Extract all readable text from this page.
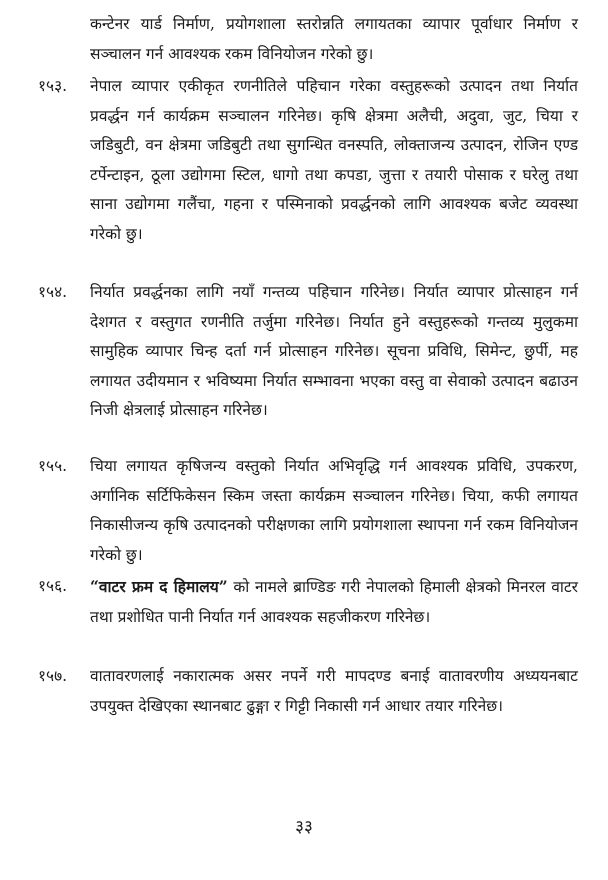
कन्टेनर यार्ड निर्माण, प्रयोगशाला स्तरोन्नति लगायतका व्यापार पूर्वाधार निर्माण र सञ्चालन गर्न आवश्यक रकम विनियोजन गरेको छु।
१५३.	नेपाल व्यापार एकीकृत रणनीतिले पहिचान गरेका वस्तुहरूको उत्पादन तथा निर्यात प्रवर्द्धन गर्न कार्यक्रम सञ्चालन गरिनेछ। कृषि क्षेत्रमा अलैची, अदुवा, जुट, चिया र जडिबुटी, वन क्षेत्रमा जडिबुटी तथा सुगन्धित वनस्पति, लोक्ताजन्य उत्पादन, रोजिन एण्ड टर्पेन्टाइन, ठूला उद्योगमा स्टिल, धागो तथा कपडा, जुत्ता र तयारी पोसाक र घरेलु तथा साना उद्योगमा गलैंचा, गहना र पस्मिनाको प्रवर्द्धनको लागि आवश्यक बजेट व्यवस्था गरेको छु।
१५४.	निर्यात प्रवर्द्धनका लागि नयाँ गन्तव्य पहिचान गरिनेछ। निर्यात व्यापार प्रोत्साहन गर्न देशगत र वस्तुगत रणनीति तर्जुमा गरिनेछ। निर्यात हुने वस्तुहरूको गन्तव्य मुलुकमा सामुहिक व्यापार चिन्ह दर्ता गर्न प्रोत्साहन गरिनेछ। सूचना प्रविधि, सिमेन्ट, छुर्पी, मह लगायत उदीयमान र भविष्यमा निर्यात सम्भावना भएका वस्तु वा सेवाको उत्पादन बढाउन निजी क्षेत्रलाई प्रोत्साहन गरिनेछ।
१५५.	चिया लगायत कृषिजन्य वस्तुको निर्यात अभिवृद्धि गर्न आवश्यक प्रविधि, उपकरण, अर्गानिक सर्टिफिकेसन स्किम जस्ता कार्यक्रम सञ्चालन गरिनेछ। चिया, कफी लगायत निकासीजन्य कृषि उत्पादनको परीक्षणका लागि प्रयोगशाला स्थापना गर्न रकम विनियोजन गरेको छु।
१५६.	“वाटर फ्रम द हिमालय” को नामले ब्राण्डिङ गरी नेपालको हिमाली क्षेत्रको मिनरल वाटर तथा प्रशोधित पानी निर्यात गर्न आवश्यक सहजीकरण गरिनेछ।
१५७.	वातावरणलाई नकारात्मक असर नपर्ने गरी मापदण्ड बनाई वातावरणीय अध्ययनबाट उपयुक्त देखिएका स्थानबाट ढुङ्गा र गिट्टी निकासी गर्न आधार तयार गरिनेछ।
३३
